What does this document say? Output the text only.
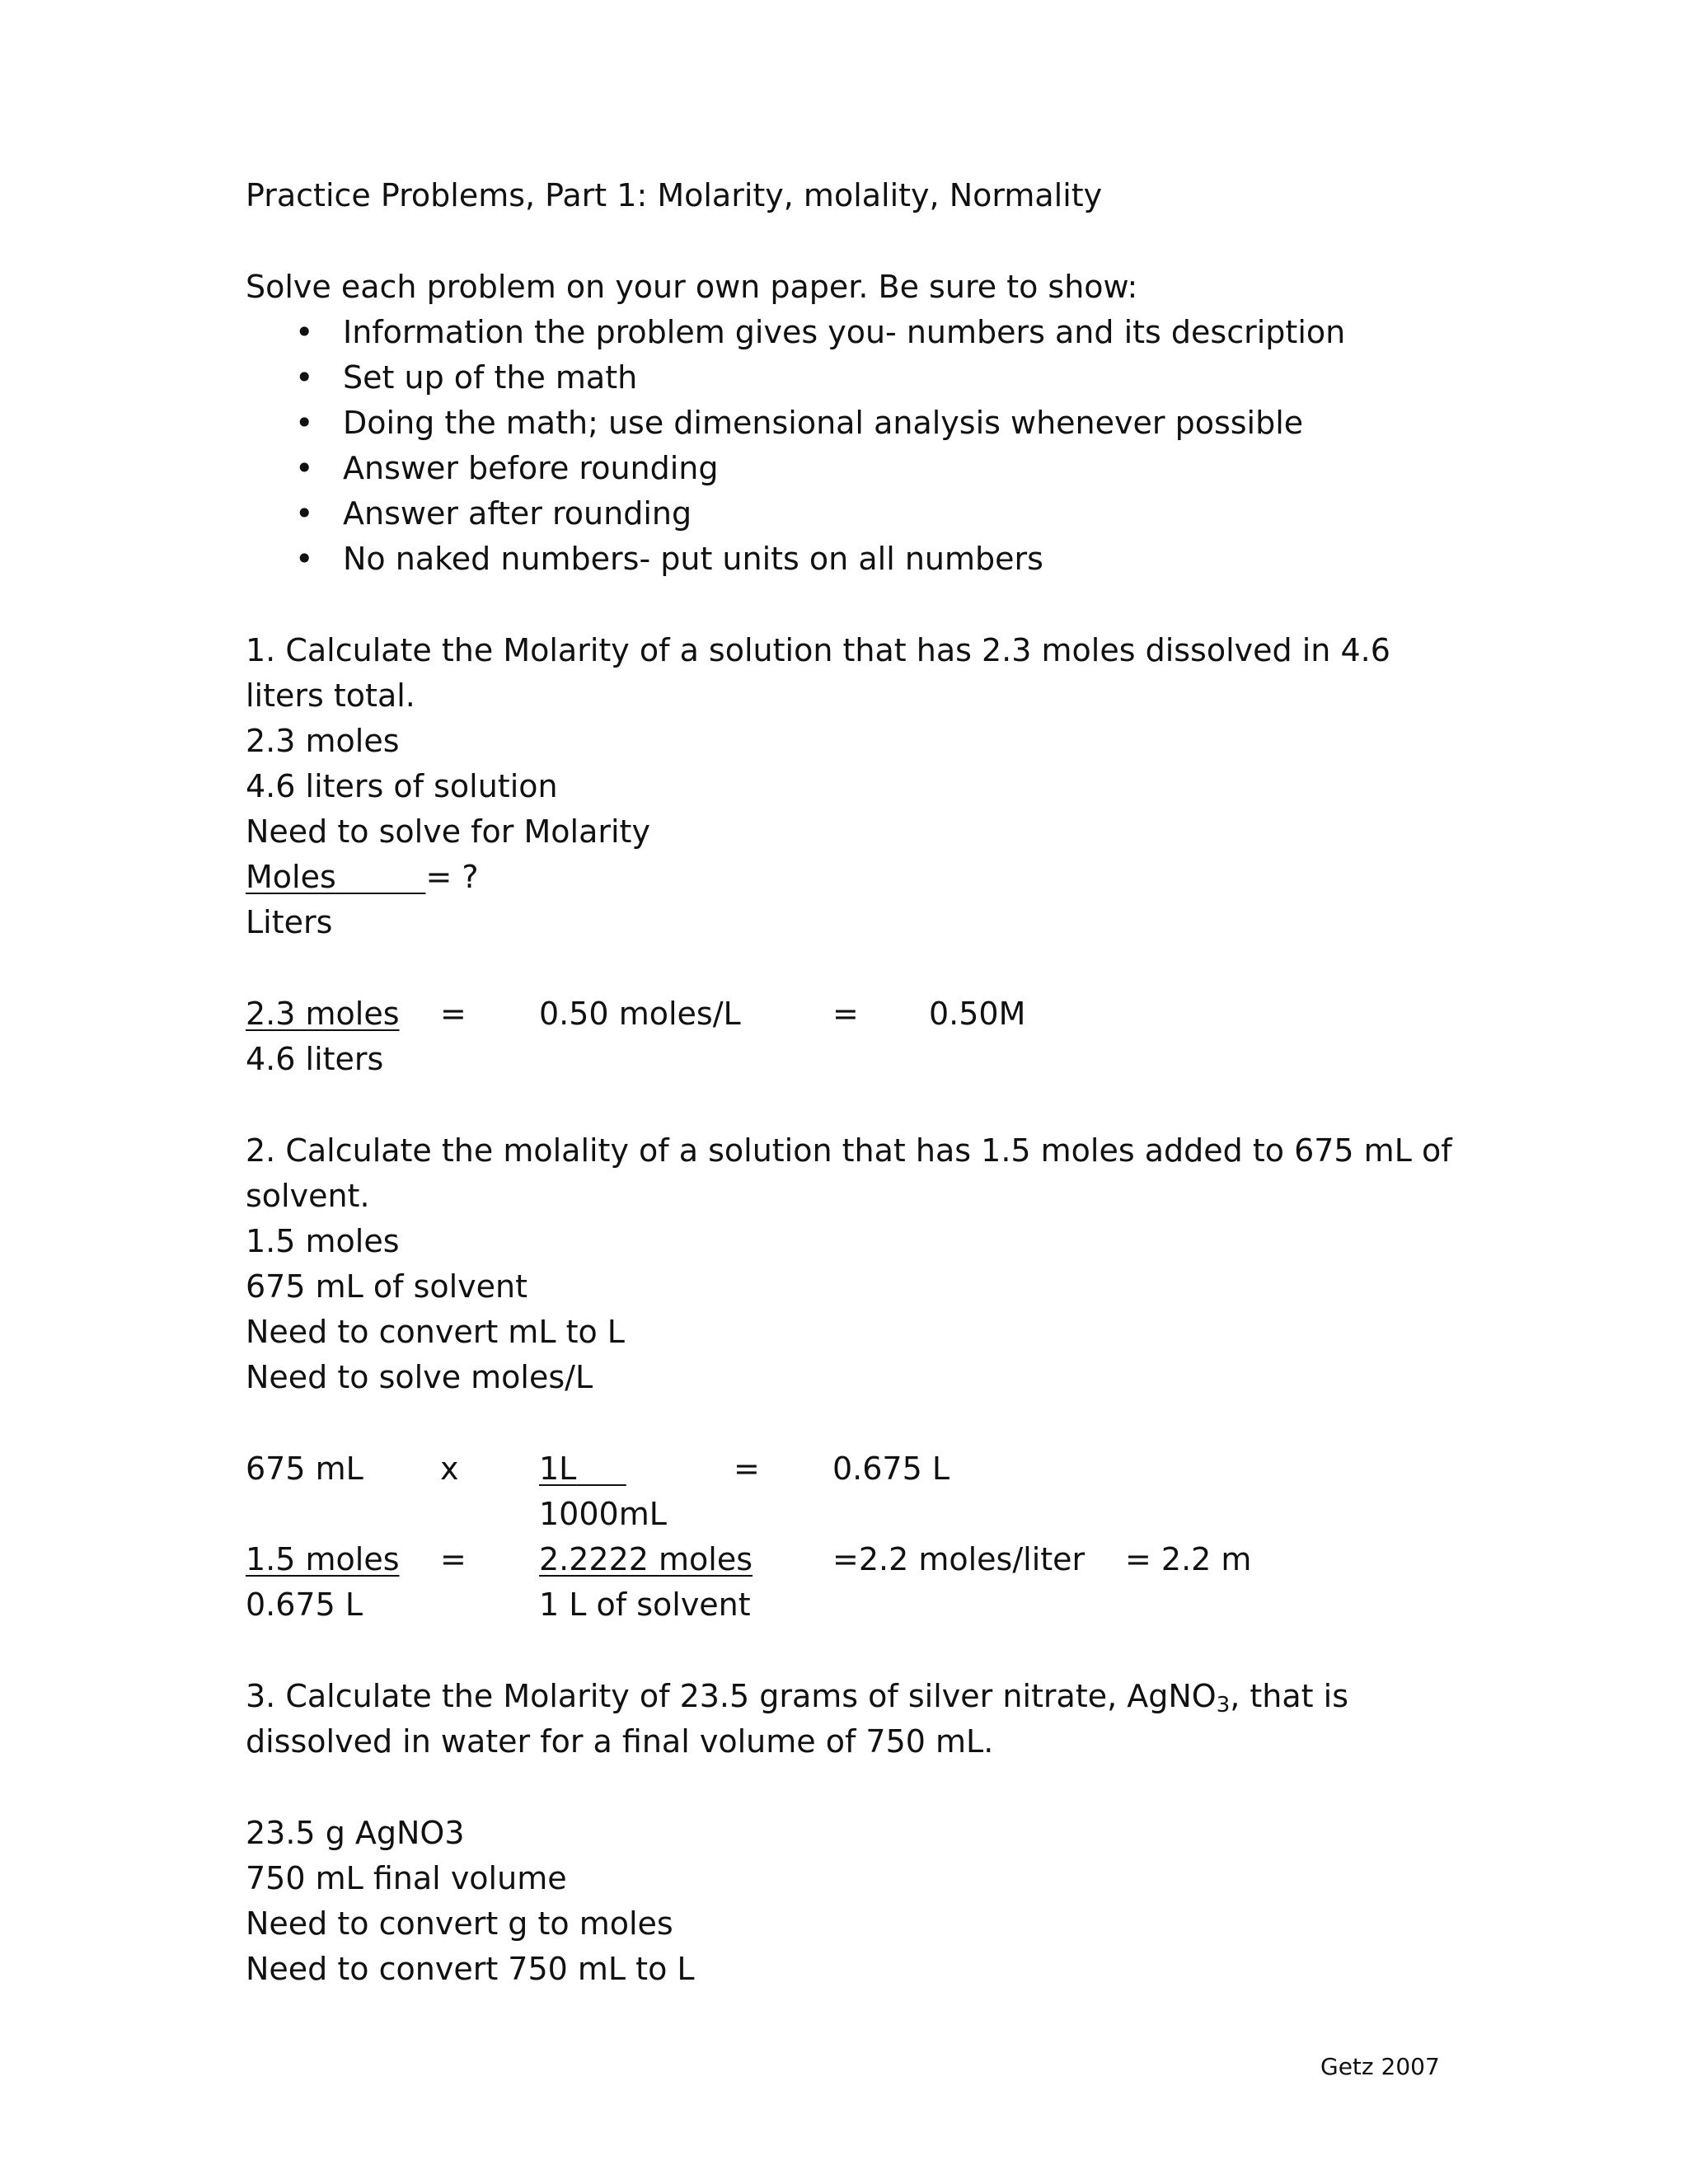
Practice Problems, Part 1: Molarity, molality, Normality
Solve each problem on your own paper. Be sure to show:
• Information the problem gives you- numbers and its description
• Set up of the math
• Doing the math; use dimensional analysis whenever possible
• Answer before rounding
• Answer after rounding
• No naked numbers- put units on all numbers
1. Calculate the Molarity of a solution that has 2.3 moles dissolved in 4.6
liters total.
2.3 moles
4.6 liters of solution
Need to solve for Molarity
Moles	= ?
Liters
2.3 moles = 0.50 moles/L	= 0.50M
4.6 liters
2. Calculate the molality of a solution that has 1.5 moles added to 675 mL of
solvent.
1.5 moles
675 mL of solvent
Need to convert mL to L
Need to solve moles/L
675 mL x	1L	= 0.675 L
1000mL
1.5 moles = 2.2222 moles	=2.2 moles/liter = 2.2 m
0.675 L	1 L of solvent
3. Calculate the Molarity of 23.5 grams of silver nitrate, AgNO$_3$, that is
dissolved in water for a final volume of 750 mL.
23.5 g AgNO3
750 mL final volume
Need to convert g to moles
Need to convert 750 mL to L
Getz 2007
